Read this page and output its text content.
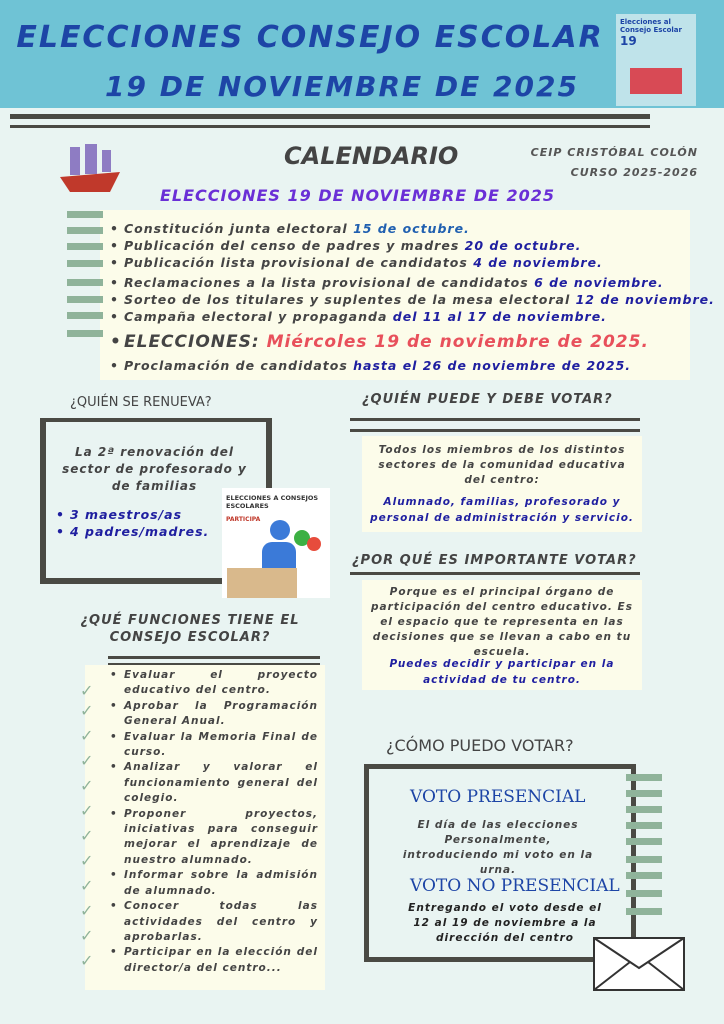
ELECCIONES CONSEJO ESCOLAR
19 DE NOVIEMBRE DE 2025
Elecciones al Consejo Escolar
19
CALENDARIO	CEIP CRISTÓBAL COLÓN
CURSO 2025-2026
ELECCIONES 19 DE NOVIEMBRE DE 2025
• Constitución junta electoral 15 de octubre.
• Publicación del censo de padres y madres 20 de octubre.
• Publicación lista provisional de candidatos 4 de noviembre.
• Reclamaciones a la lista provisional de candidatos 6 de noviembre.
• Sorteo de los titulares y suplentes de la mesa electoral 12 de noviembre.
• Campaña electoral y propaganda del 11 al 17 de noviembre.
• ELECCIONES: Miércoles 19 de noviembre de 2025.
• Proclamación de candidatos hasta el 26 de noviembre de 2025.
¿QUIÉN SE RENUEVA?
La 2ª renovación del sector de profesorado y de familias
• 3 maestros/as
• 4 padres/madres.
ELECCIONES A CONSEJOS ESCOLARES
PARTICIPA
¿QUIÉN PUEDE Y DEBE VOTAR?
Todos los miembros de los distintos sectores de la comunidad educativa del centro:
Alumnado, familias, profesorado y personal de administración y servicio.
¿POR QUÉ ES IMPORTANTE VOTAR?
Porque es el principal órgano de participación del centro educativo. Es el espacio que te representa en las decisiones que se llevan a cabo en tu escuela.
Puedes decidir y participar en la actividad de tu centro.
¿QUÉ FUNCIONES TIENE EL CONSEJO ESCOLAR?
✓
✓
✓
✓
✓
✓
✓
✓
✓
✓
✓
✓
• Evaluar el proyecto educativo del centro.
• Aprobar la Programación General Anual.
• Evaluar la Memoria Final de curso.
• Analizar y valorar el funcionamiento general del colegio.
• Proponer proyectos, iniciativas para conseguir mejorar el aprendizaje de nuestro alumnado.
• Informar sobre la admisión de alumnado.
• Conocer todas las actividades del centro y aprobarlas.
• Participar en la elección del director/a del centro...
¿CÓMO PUEDO VOTAR?
VOTO PRESENCIAL
El día de las elecciones Personalmente, introduciendo mi voto en la urna.
VOTO NO PRESENCIAL
Entregando el voto desde el 12 al 19 de noviembre a la dirección del centro
